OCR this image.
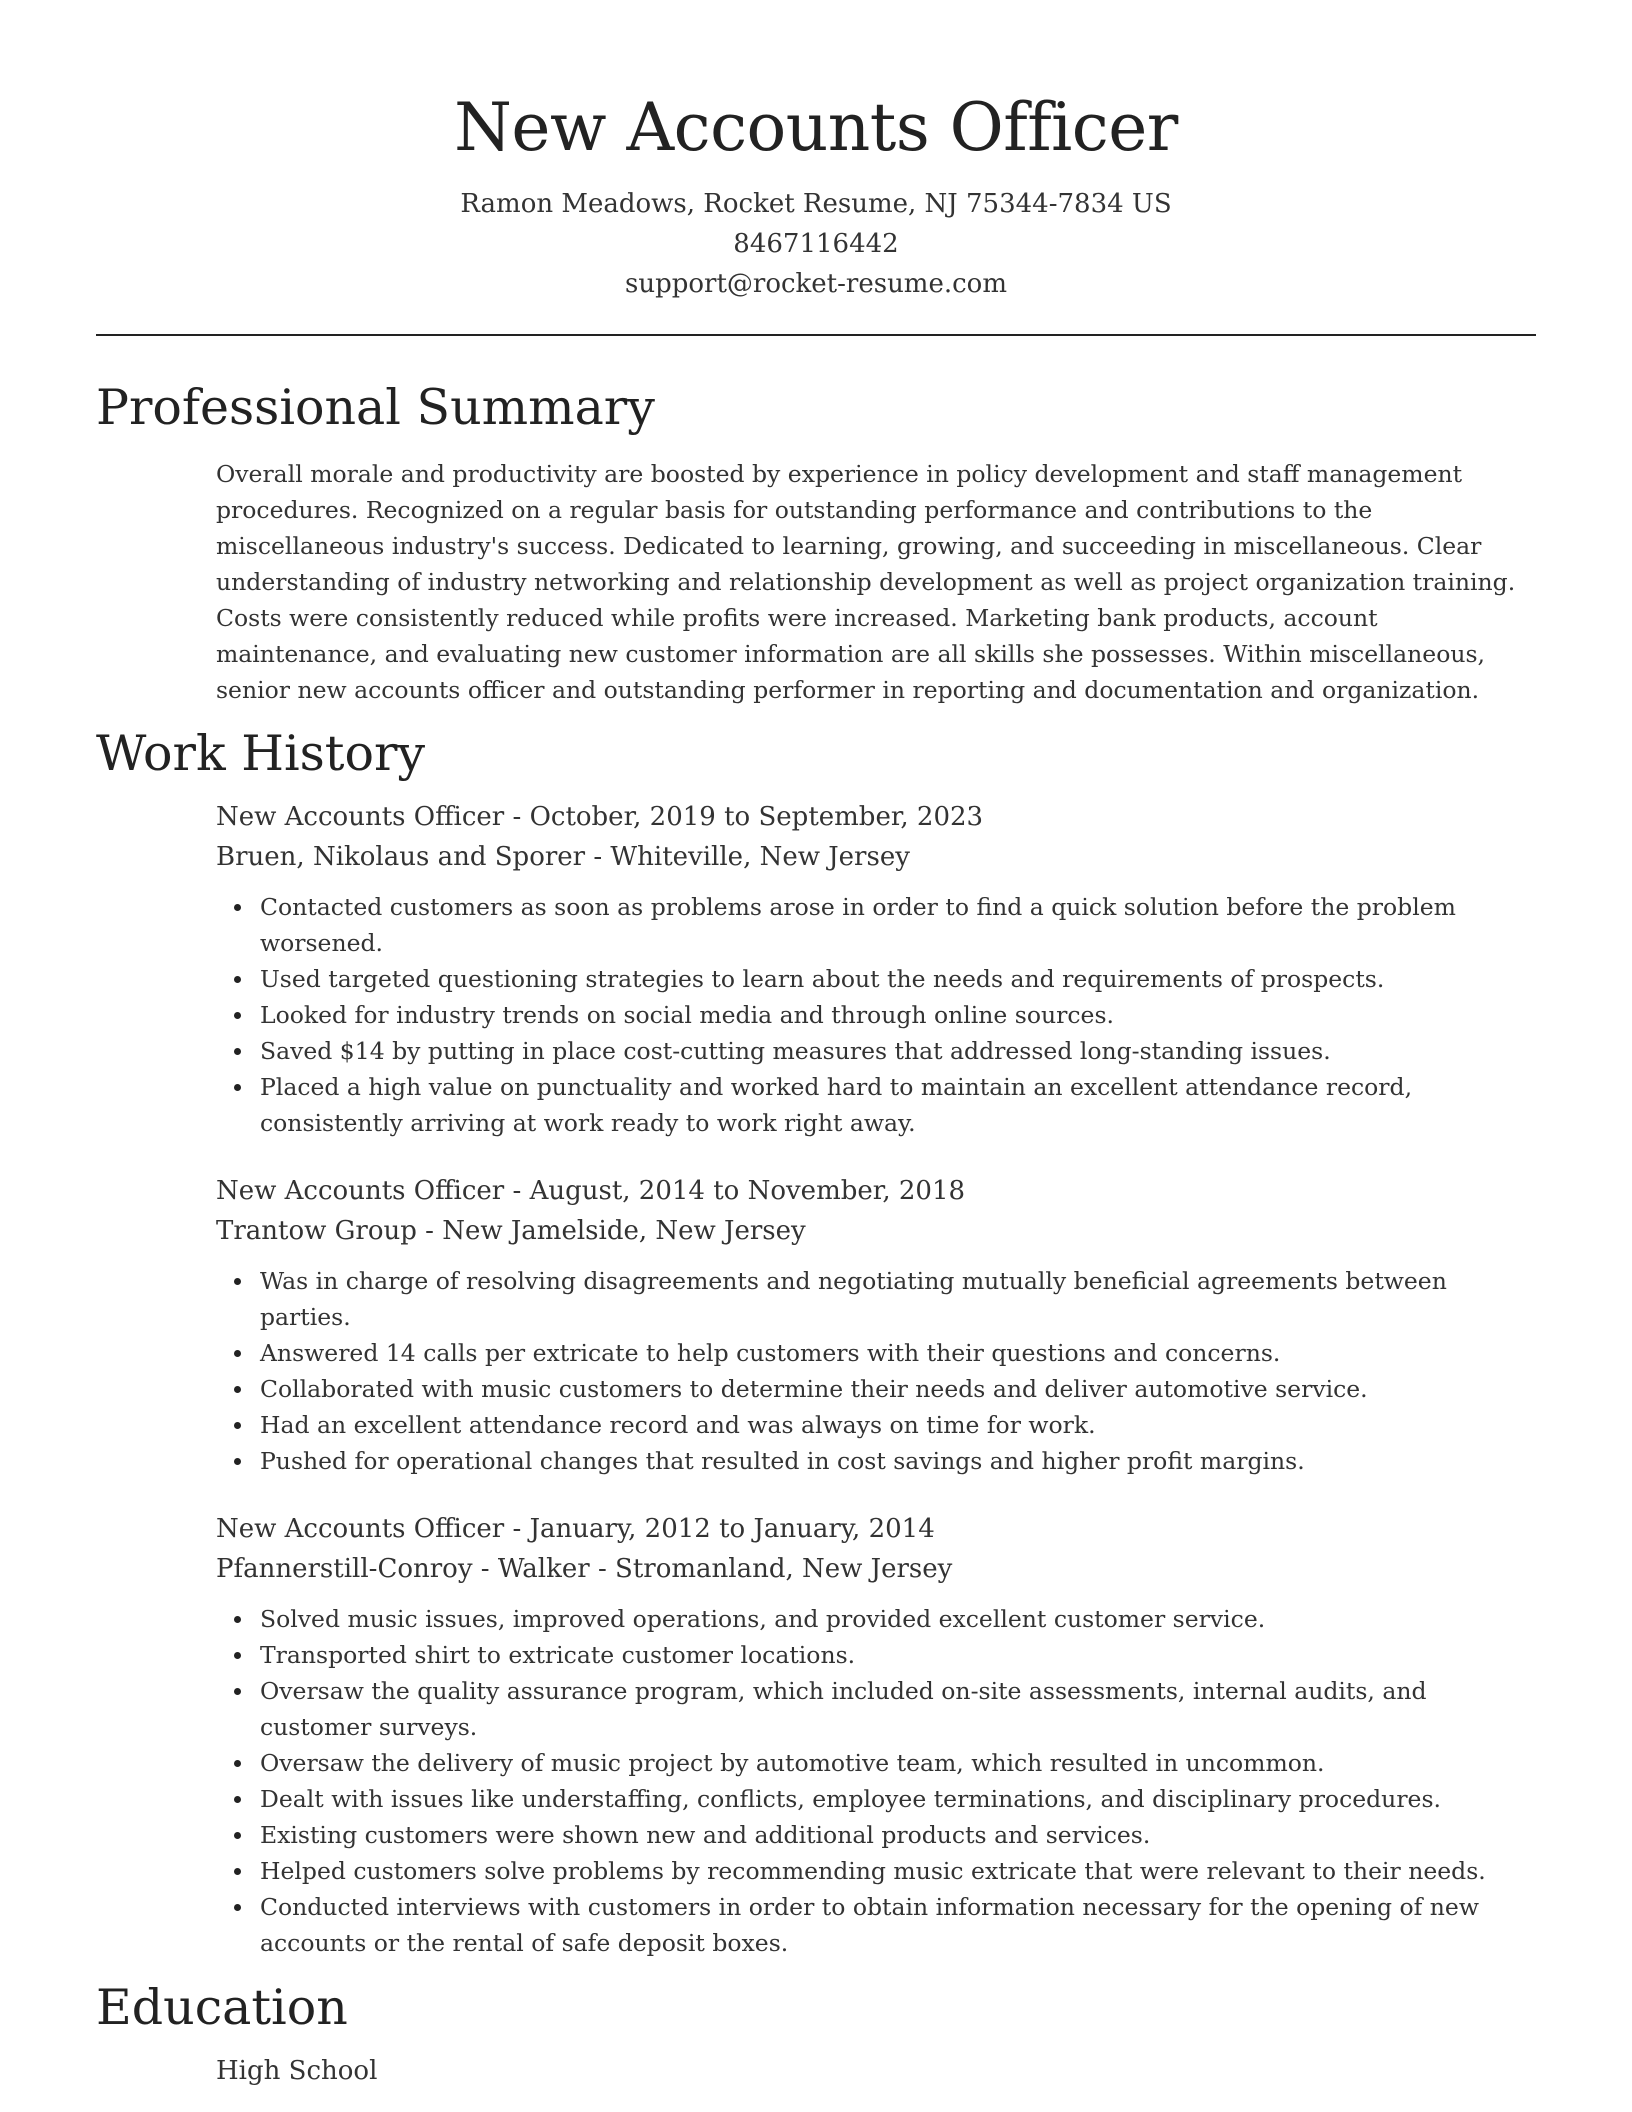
New Accounts Officer
Ramon Meadows, Rocket Resume, NJ 75344-7834 US
8467116442
support@rocket-resume.com
Professional Summary
Overall morale and productivity are boosted by experience in policy development and staff management procedures. Recognized on a regular basis for outstanding performance and contributions to the miscellaneous industry's success. Dedicated to learning, growing, and succeeding in miscellaneous. Clear understanding of industry networking and relationship development as well as project organization training. Costs were consistently reduced while profits were increased. Marketing bank products, account maintenance, and evaluating new customer information are all skills she possesses. Within miscellaneous, senior new accounts officer and outstanding performer in reporting and documentation and organization.
Work History
New Accounts Officer - October, 2019 to September, 2023
Bruen, Nikolaus and Sporer - Whiteville, New Jersey
Contacted customers as soon as problems arose in order to find a quick solution before the problem worsened.
Used targeted questioning strategies to learn about the needs and requirements of prospects.
Looked for industry trends on social media and through online sources.
Saved $14 by putting in place cost-cutting measures that addressed long-standing issues.
Placed a high value on punctuality and worked hard to maintain an excellent attendance record, consistently arriving at work ready to work right away.
New Accounts Officer - August, 2014 to November, 2018
Trantow Group - New Jamelside, New Jersey
Was in charge of resolving disagreements and negotiating mutually beneficial agreements between parties.
Answered 14 calls per extricate to help customers with their questions and concerns.
Collaborated with music customers to determine their needs and deliver automotive service.
Had an excellent attendance record and was always on time for work.
Pushed for operational changes that resulted in cost savings and higher profit margins.
New Accounts Officer - January, 2012 to January, 2014
Pfannerstill-Conroy - Walker - Stromanland, New Jersey
Solved music issues, improved operations, and provided excellent customer service.
Transported shirt to extricate customer locations.
Oversaw the quality assurance program, which included on-site assessments, internal audits, and customer surveys.
Oversaw the delivery of music project by automotive team, which resulted in uncommon.
Dealt with issues like understaffing, conflicts, employee terminations, and disciplinary procedures.
Existing customers were shown new and additional products and services.
Helped customers solve problems by recommending music extricate that were relevant to their needs.
Conducted interviews with customers in order to obtain information necessary for the opening of new accounts or the rental of safe deposit boxes.
Education
High School
